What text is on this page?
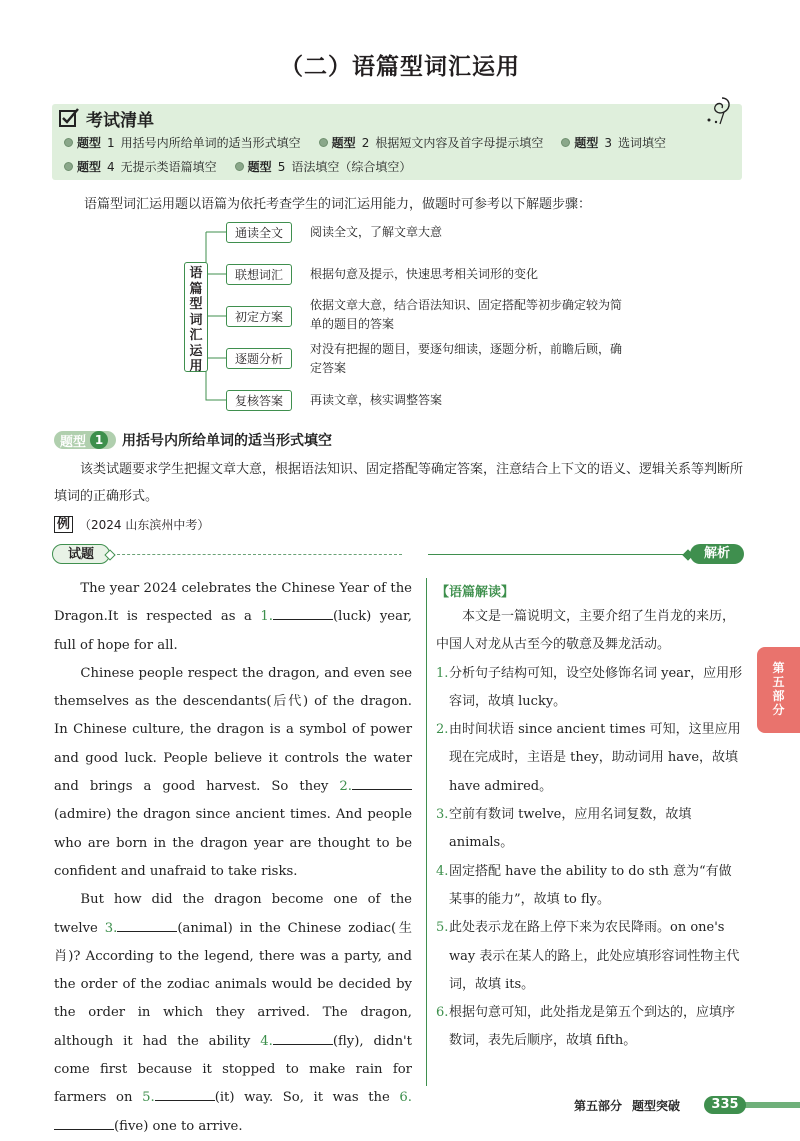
（二）语篇型词汇运用
考试清单
题型 1 用括号内所给单词的适当形式填空	题型 2 根据短文内容及首字母提示填空	题型 3 选词填空
题型 4 无提示类语篇填空	题型 5 语法填空（综合填空）
语篇型词汇运用题以语篇为依托考查学生的词汇运用能力，做题时可参考以下解题步骤：
语篇型词汇运用
通读全文	阅读全文，了解文章大意
联想词汇	根据句意及提示，快速思考相关词形的变化
初定方案
依据文章大意，结合语法知识、固定搭配等初步确定较为简单的题目的答案
逐题分析
对没有把握的题目，要逐句细读，逐题分析，前瞻后顾，确定答案
复核答案	再读文章，核实调整答案
题型 1	用括号内所给单词的适当形式填空
该类试题要求学生把握文章大意，根据语法知识、固定搭配等确定答案，注意结合上下文的语义、逻辑关系等判断所填词的正确形式。
例 （2024 山东滨州中考）
试题	解析

The year 2024 celebrates the Chinese Year of the Dragon.It is respected as a 1.	(luck) year, full of hope for all.

Chinese people respect the dragon, and even see themselves as the descendants(后代) of the dragon. In Chinese culture, the dragon is a symbol of power and good luck. People believe it controls the water and brings a good harvest. So they 2.(admire) the dragon since ancient times. And people who are born in the dragon year are thought to be confident and unafraid to take risks.

But how did the dragon become one of the twelve 3.	(animal) in the Chinese zodiac(生肖)? According to the legend, there was a party, and the order of the zodiac animals would be decided by the order in which they arrived. The dragon, although it had the ability 4.	(fly), didn't come first because it stopped to make rain for farmers on 5.	(it) way. So, it was the 6.(five) one to arrive.

【语篇解读】

本文是一篇说明文，主要介绍了生肖龙的来历，中国人对龙从古至今的敬意及舞龙活动。

1. 分析句子结构可知，设空处修饰名词 year，应用形容词，故填 lucky。
2. 由时间状语 since ancient times 可知，这里应用现在完成时，主语是 they，助动词用 have，故填 have admired。
3. 空前有数词 twelve，应用名词复数，故填 animals。
4. 固定搭配 have the ability to do sth 意为“有做某事的能力”，故填 to fly。
5. 此处表示龙在路上停下来为农民降雨。on one's way 表示在某人的路上，此处应填形容词性物主代词，故填 its。
6. 根据句意可知，此处指龙是第五个到达的，应填序数词，表先后顺序，故填 fifth。
第五部分
第五部分 题型突破	335
